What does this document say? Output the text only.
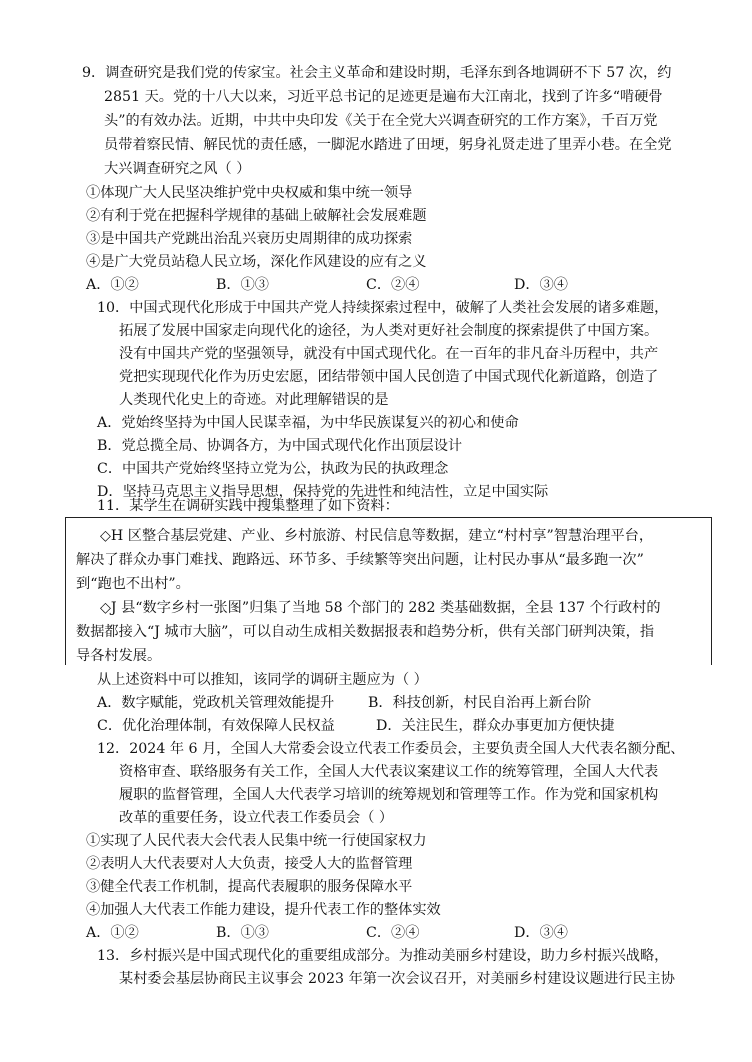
9．调查研究是我们党的传家宝。社会主义革命和建设时期，毛泽东到各地调研不下 57 次，约
2851 天。党的十八大以来，习近平总书记的足迹更是遍布大江南北，找到了许多“啃硬骨
头”的有效办法。近期，中共中央印发《关于在全党大兴调查研究的工作方案》，千百万党
员带着察民情、解民忧的责任感，一脚泥水踏进了田埂，躬身礼贤走进了里弄小巷。在全党
大兴调查研究之风（ ）
①体现广大人民坚决维护党中央权威和集中统一领导
②有利于党在把握科学规律的基础上破解社会发展难题
③是中国共产党跳出治乱兴衰历史周期律的成功探索
④是广大党员站稳人民立场，深化作风建设的应有之义
A．①②	B．①③	C．②④	D．③④
10．中国式现代化形成于中国共产党人持续探索过程中，破解了人类社会发展的诸多难题，
拓展了发展中国家走向现代化的途径，为人类对更好社会制度的探索提供了中国方案。
没有中国共产党的坚强领导，就没有中国式现代化。在一百年的非凡奋斗历程中，共产
党把实现现代化作为历史宏愿，团结带领中国人民创造了中国式现代化新道路，创造了
人类现代化史上的奇迹。对此理解错误的是
A．党始终坚持为中国人民谋幸福，为中华民族谋复兴的初心和使命
B．党总揽全局、协调各方，为中国式现代化作出顶层设计
C．中国共产党始终坚持立党为公，执政为民的执政理念
D．坚持马克思主义指导思想，保持党的先进性和纯洁性，立足中国实际
11．某学生在调研实践中搜集整理了如下资料：
◇H 区整合基层党建、产业、乡村旅游、村民信息等数据，建立“村村享”智慧治理平台，
解决了群众办事门难找、跑路远、环节多、手续繁等突出问题，让村民办事从“最多跑一次”
到“跑也不出村”。
◇J 县“数字乡村一张图”归集了当地 58 个部门的 282 类基础数据，全县 137 个行政村的
数据都接入“J 城市大脑”，可以自动生成相关数据报表和趋势分析，供有关部门研判决策，指
导各村发展。
从上述资料中可以推知，该同学的调研主题应为（ ）
A．数字赋能，党政机关管理效能提升 B．科技创新，村民自治再上新台阶
C．优化治理体制，有效保障人民权益	D．关注民生，群众办事更加方便快捷
12．2024 年 6 月，全国人大常委会设立代表工作委员会，主要负责全国人大代表名额分配、
资格审查、联络服务有关工作，全国人大代表议案建议工作的统筹管理，全国人大代表
履职的监督管理，全国人大代表学习培训的统筹规划和管理等工作。作为党和国家机构
改革的重要任务，设立代表工作委员会（ ）
①实现了人民代表大会代表人民集中统一行使国家权力
②表明人大代表要对人大负责，接受人大的监督管理
③健全代表工作机制，提高代表履职的服务保障水平
④加强人大代表工作能力建设，提升代表工作的整体实效
A．①②	B．①③	C．②④	D．③④
13．乡村振兴是中国式现代化的重要组成部分。为推动美丽乡村建设，助力乡村振兴战略，
某村委会基层协商民主议事会 2023 年第一次会议召开，对美丽乡村建设议题进行民主协
